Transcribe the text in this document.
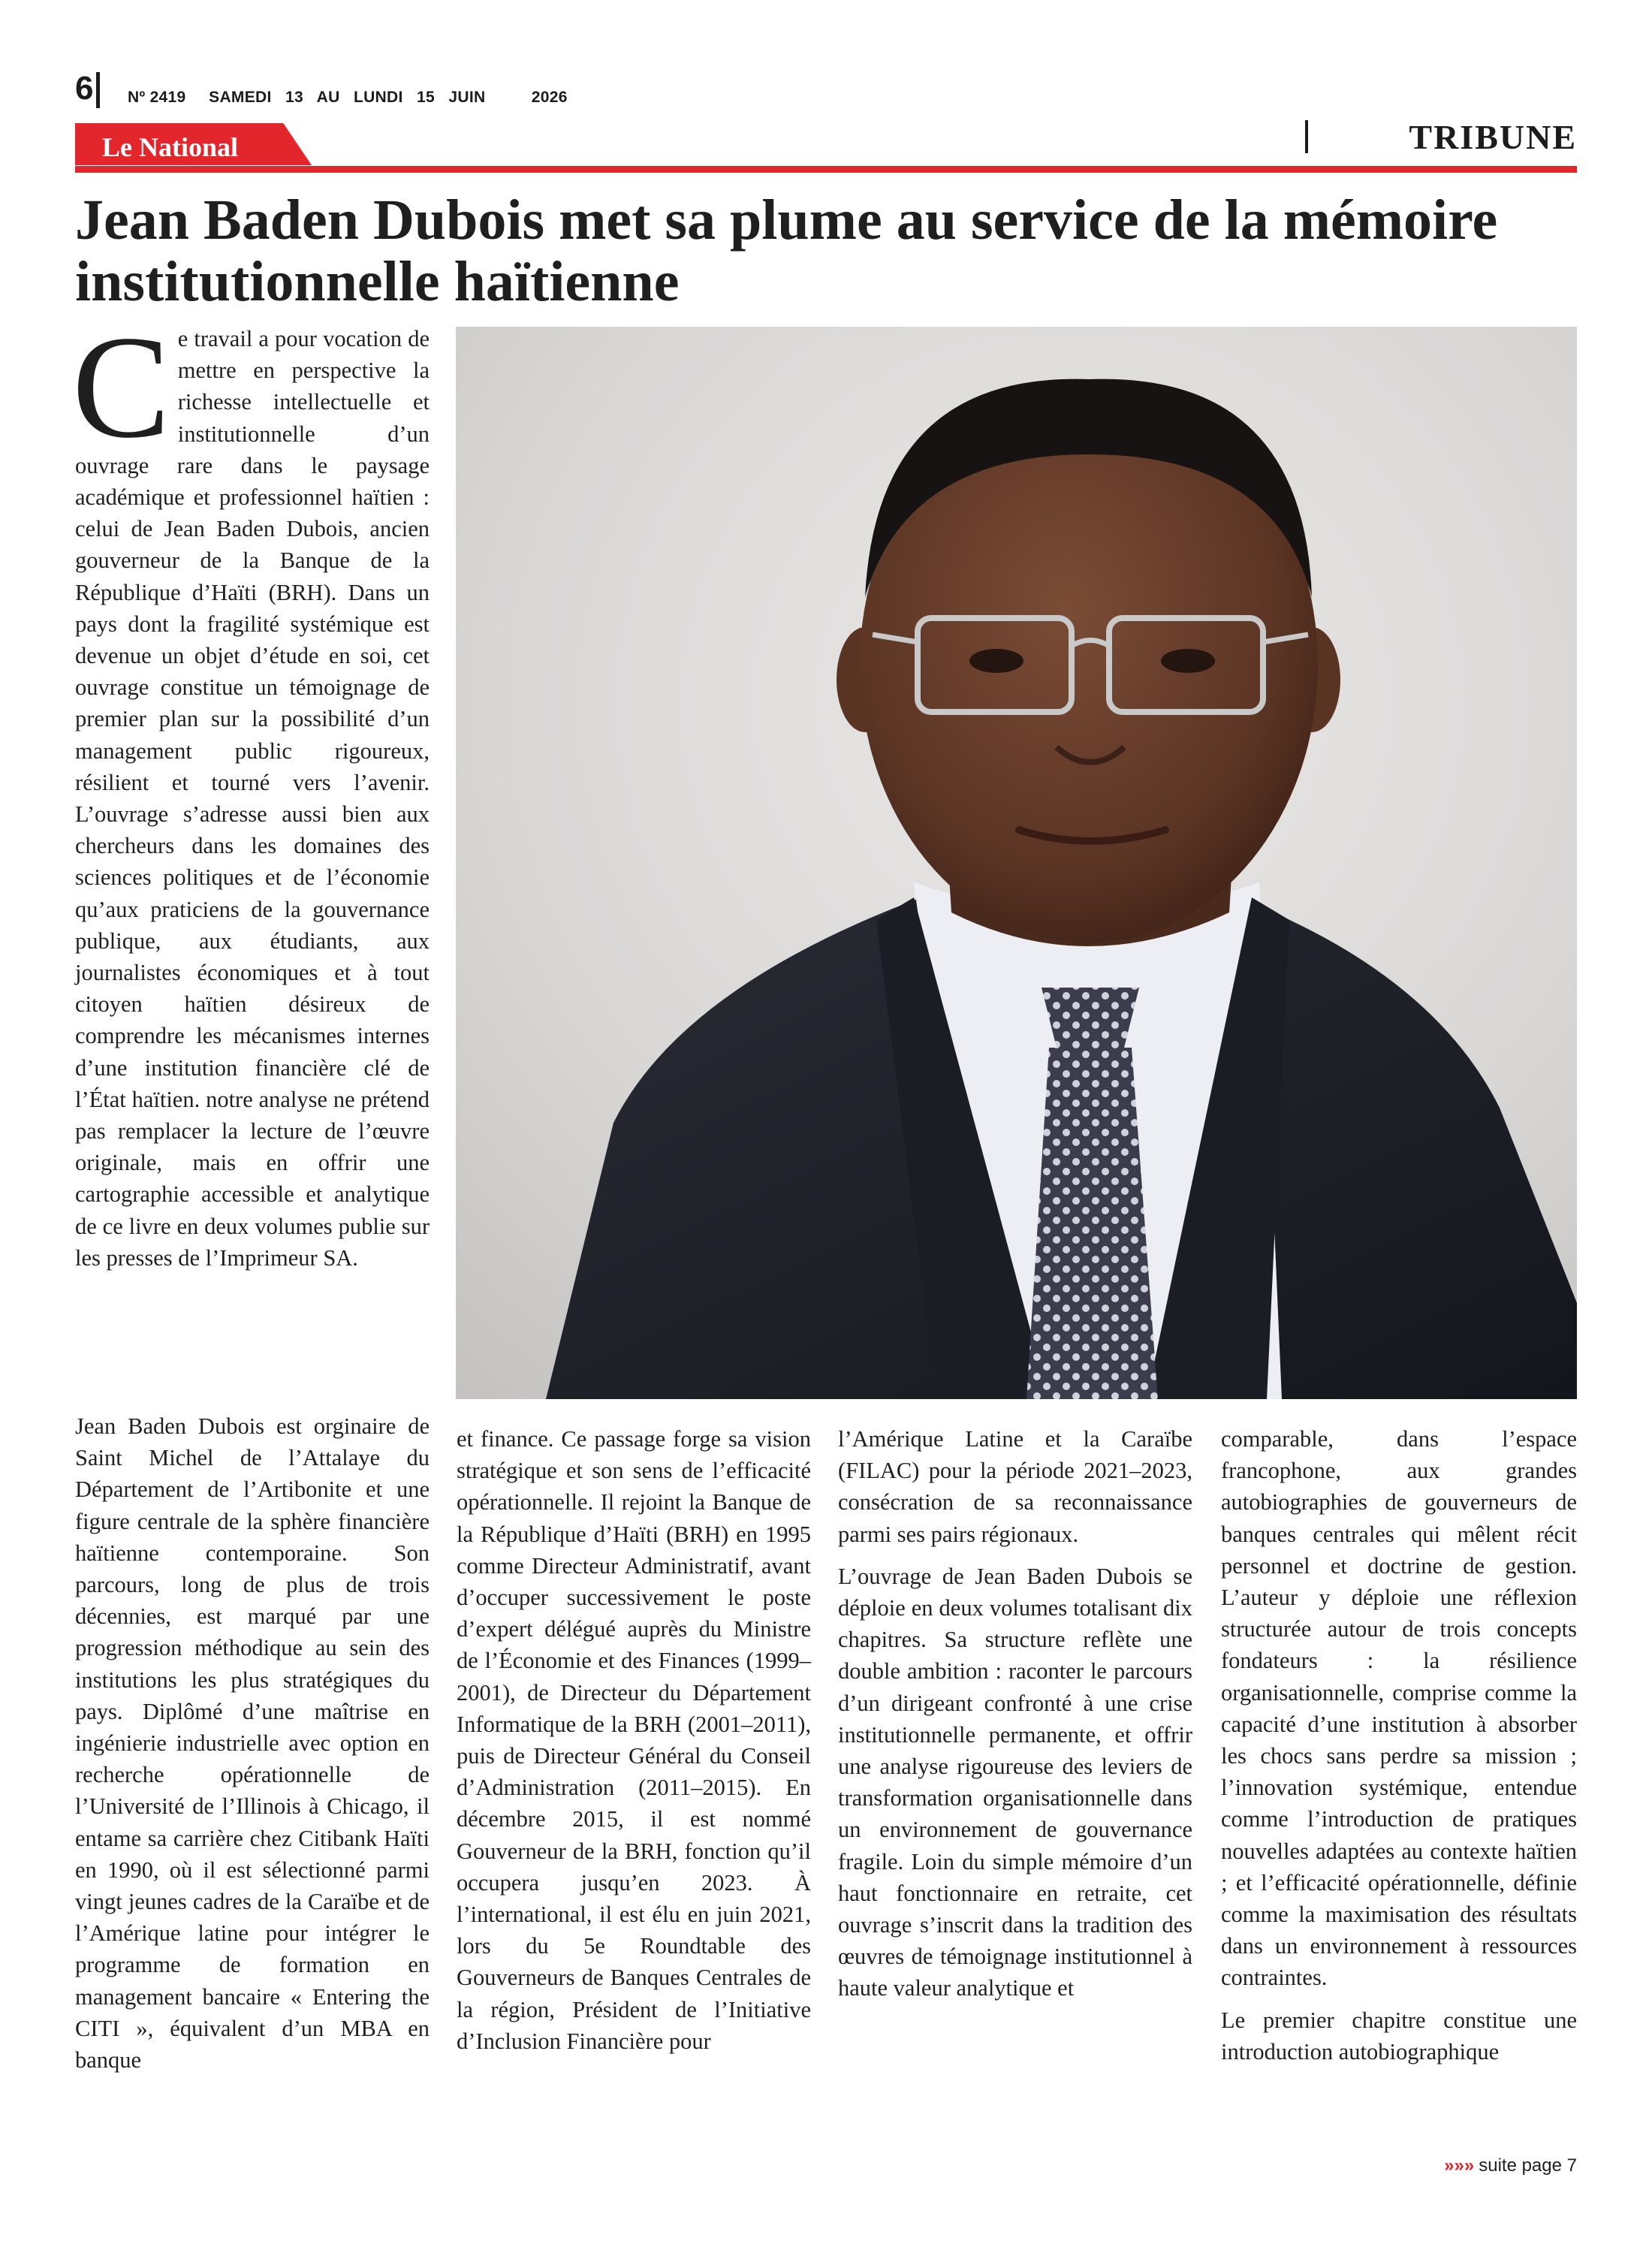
6 Nº 2419     SAMEDI   13   AU   LUNDI   15   JUIN          2026
Le National	TRIBUNE
Jean Baden Dubois met sa plume au service de la mémoire institutionnelle haïtienne
C e travail a pour vocation de mettre en perspective la richesse intellectuelle et institutionnelle d’un ouvrage rare dans le paysage académique et professionnel haïtien : celui de Jean Baden Dubois, ancien gouverneur de la Banque de la République d’Haïti (BRH). Dans un pays dont la fragilité systémique est devenue un objet d’étude en soi, cet ouvrage constitue un témoignage de premier plan sur la possibilité d’un management public rigoureux, résilient et tourné vers l’avenir. L’ouvrage s’adresse aussi bien aux chercheurs dans les domaines des sciences politiques et de l’économie qu’aux praticiens de la gouvernance publique, aux étudiants, aux journalistes économiques et à tout citoyen haïtien désireux de comprendre les mécanismes internes d’une institution financière clé de l’État haïtien. notre analyse ne prétend pas remplacer la lecture de l’œuvre originale, mais en offrir une cartographie accessible et analytique de ce livre en deux volumes publie sur les presses de l’Imprimeur SA.

Jean Baden Dubois est orginaire de Saint Michel de l’Attalaye du Département de l’Artibonite et une figure centrale de la sphère financière haïtienne contemporaine. Son parcours, long de plus de trois décennies, est marqué par une progression méthodique au sein des institutions les plus stratégiques du pays. Diplômé d’une maîtrise en ingénierie industrielle avec option en recherche opérationnelle de l’Université de l’Illinois à Chicago, il entame sa carrière chez Citibank Haïti en 1990, où il est sélectionné parmi vingt jeunes cadres de la Caraïbe et de l’Amérique latine pour intégrer le programme de formation en management bancaire « Entering the CITI », équivalent d’un MBA en banque

et finance. Ce passage forge sa vision stratégique et son sens de l’efficacité opérationnelle. Il rejoint la Banque de la République d’Haïti (BRH) en 1995 comme Directeur Administratif, avant d’occuper successivement le poste d’expert délégué auprès du Ministre de l’Économie et des Finances (1999–2001), de Directeur du Département Informatique de la BRH (2001–2011), puis de Directeur Général du Conseil d’Administration (2011–2015). En décembre 2015, il est nommé Gouverneur de la BRH, fonction qu’il occupera jusqu’en 2023. À l’international, il est élu en juin 2021, lors du 5e Roundtable des Gouverneurs de Banques Centrales de la région, Président de l’Initiative d’Inclusion Financière pour

l’Amérique Latine et la Caraïbe (FILAC) pour la période 2021–2023, consécration de sa reconnaissance parmi ses pairs régionaux.

L’ouvrage de Jean Baden Dubois se déploie en deux volumes totalisant dix chapitres. Sa structure reflète une double ambition : raconter le parcours d’un dirigeant confronté à une crise institutionnelle permanente, et offrir une analyse rigoureuse des leviers de transformation organisationnelle dans un environnement de gouvernance fragile. Loin du simple mémoire d’un haut fonctionnaire en retraite, cet ouvrage s’inscrit dans la tradition des œuvres de témoignage institutionnel à haute valeur analytique et

comparable, dans l’espace francophone, aux grandes autobiographies de gouverneurs de banques centrales qui mêlent récit personnel et doctrine de gestion. L’auteur y déploie une réflexion structurée autour de trois concepts fondateurs : la résilience organisationnelle, comprise comme la capacité d’une institution à absorber les chocs sans perdre sa mission ; l’innovation systémique, entendue comme l’introduction de pratiques nouvelles adaptées au contexte haïtien ; et l’efficacité opérationnelle, définie comme la maximisation des résultats dans un environnement à ressources contraintes.

Le premier chapitre constitue une introduction autobiographique

»»» suite page 7
